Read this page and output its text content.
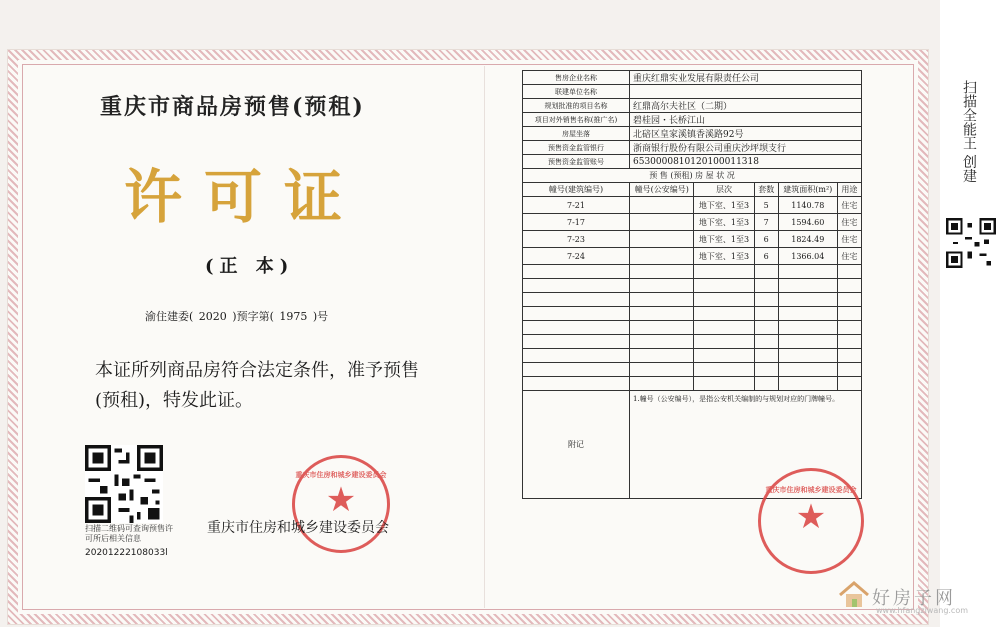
重庆市商品房预售(预租)
许可证
(正 本)
渝住建委( 2020 )预字第( 1975 )号
本证所列商品房符合法定条件，准予预售(预租)，特发此证。
扫描二维码可查询预售许可所后相关信息
20201222108033l
重庆市住房和城乡建设委员会
★
重庆市住房和城乡建设委员会
售房企业名称	重庆红鼎实业发展有限责任公司				
联建单位名称					
规划批准的项目名称	红鼎高尔夫社区（二期）				
项目对外销售名称(推广名)	碧桂园・长桥江山				
房屋坐落	北碚区皇家溪镇香溪路92号				
预售资金监管银行	浙商银行股份有限公司重庆沙坪坝支行				
预售资金监管账号	6530000810120100011318				
预 售 (预租) 房 屋 状 况					
幢号(建筑编号)	幢号(公安编号)	层次	套数	建筑面积(m²)	用途
7-21		地下室、1至3	5	1140.78	住宅
7-17		地下室、1至3	7	1594.60	住宅
7-23		地下室、1至3	6	1824.49	住宅
7-24		地下室、1至3	6	1366.04	住宅

附记	1.幢号（公安编号），是指公安机关编制的与规划对应的门牌幢号。				
重庆市住房和城乡建设委员会
★
扫描全能王 创建
好房子网
www.hfangziwang.com
